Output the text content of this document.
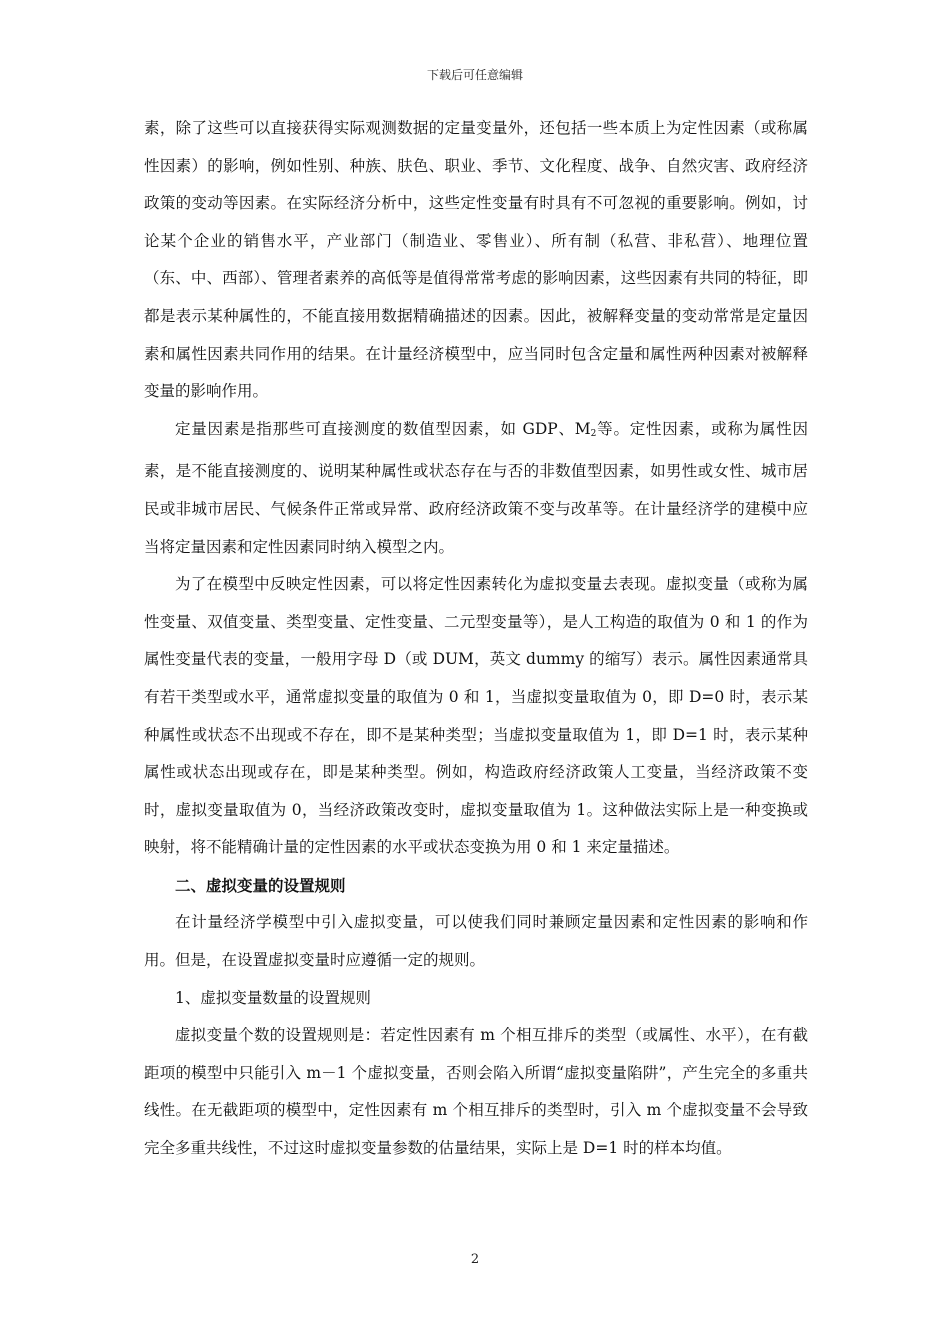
下载后可任意编辑

素，除了这些可以直接获得实际观测数据的定量变量外，还包括一些本质上为定性因素（或称属性因素）的影响，例如性别、种族、肤色、职业、季节、文化程度、战争、自然灾害、政府经济政策的变动等因素。在实际经济分析中，这些定性变量有时具有不可忽视的重要影响。例如，讨论某个企业的销售水平，产业部门（制造业、零售业）、所有制（私营、非私营）、地理位置（东、中、西部）、管理者素养的高低等是值得常常考虑的影响因素，这些因素有共同的特征，即都是表示某种属性的，不能直接用数据精确描述的因素。因此，被解释变量的变动常常是定量因素和属性因素共同作用的结果。在计量经济模型中，应当同时包含定量和属性两种因素对被解释变量的影响作用。

定量因素是指那些可直接测度的数值型因素，如 GDP、$M_2$等。定性因素，或称为属性因素，是不能直接测度的、说明某种属性或状态存在与否的非数值型因素，如男性或女性、城市居民或非城市居民、气候条件正常或异常、政府经济政策不变与改革等。在计量经济学的建模中应当将定量因素和定性因素同时纳入模型之内。

为了在模型中反映定性因素，可以将定性因素转化为虚拟变量去表现。虚拟变量（或称为属性变量、双值变量、类型变量、定性变量、二元型变量等），是人工构造的取值为 0 和 1 的作为属性变量代表的变量，一般用字母 D（或 DUM，英文 dummy 的缩写）表示。属性因素通常具有若干类型或水平，通常虚拟变量的取值为 0 和 1，当虚拟变量取值为 0，即 D=0 时，表示某种属性或状态不出现或不存在，即不是某种类型；当虚拟变量取值为 1，即 D=1 时，表示某种属性或状态出现或存在，即是某种类型。例如，构造政府经济政策人工变量，当经济政策不变时，虚拟变量取值为 0，当经济政策改变时，虚拟变量取值为 1。这种做法实际上是一种变换或映射，将不能精确计量的定性因素的水平或状态变换为用 0 和 1 来定量描述。

二、虚拟变量的设置规则

在计量经济学模型中引入虚拟变量，可以使我们同时兼顾定量因素和定性因素的影响和作用。但是，在设置虚拟变量时应遵循一定的规则。

1、虚拟变量数量的设置规则

虚拟变量个数的设置规则是：若定性因素有 m 个相互排斥的类型（或属性、水平），在有截距项的模型中只能引入 m－1 个虚拟变量，否则会陷入所谓“虚拟变量陷阱”，产生完全的多重共线性。在无截距项的模型中，定性因素有 m 个相互排斥的类型时，引入 m 个虚拟变量不会导致完全多重共线性，不过这时虚拟变量参数的估量结果，实际上是 D=1 时的样本均值。

2
